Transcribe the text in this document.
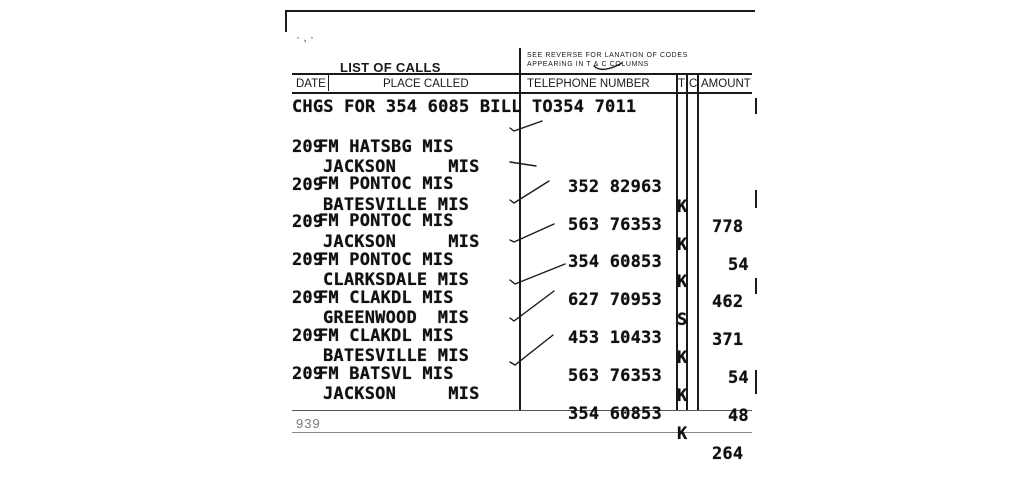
· , ·
LIST OF CALLS
SEE REVERSE FOR LANATION OF CODES
APPEARING IN T & C COLUMNS
DATE	PLACE CALLED	TELEPHONE NUMBER T C AMOUNT
CHGS FOR 354 6085 BILL TO354 7011

209

JACKSON     MIS

352 82963

K

778

FM HATSBG MIS

209

BATESVILLE MIS

563 76353

K

54

FM PONTOC MIS

209

JACKSON     MIS

354 60853

K

462

FM PONTOC MIS

209

CLARKSDALE MIS

627 70953

S

371

FM PONTOC MIS

209

GREENWOOD  MIS

453 10433

K

54

FM CLAKDL MIS

209

BATESVILLE MIS

563 76353

K

48

FM CLAKDL MIS

209

JACKSON     MIS

354 60853

K

264

FM BATSVL MIS
939
